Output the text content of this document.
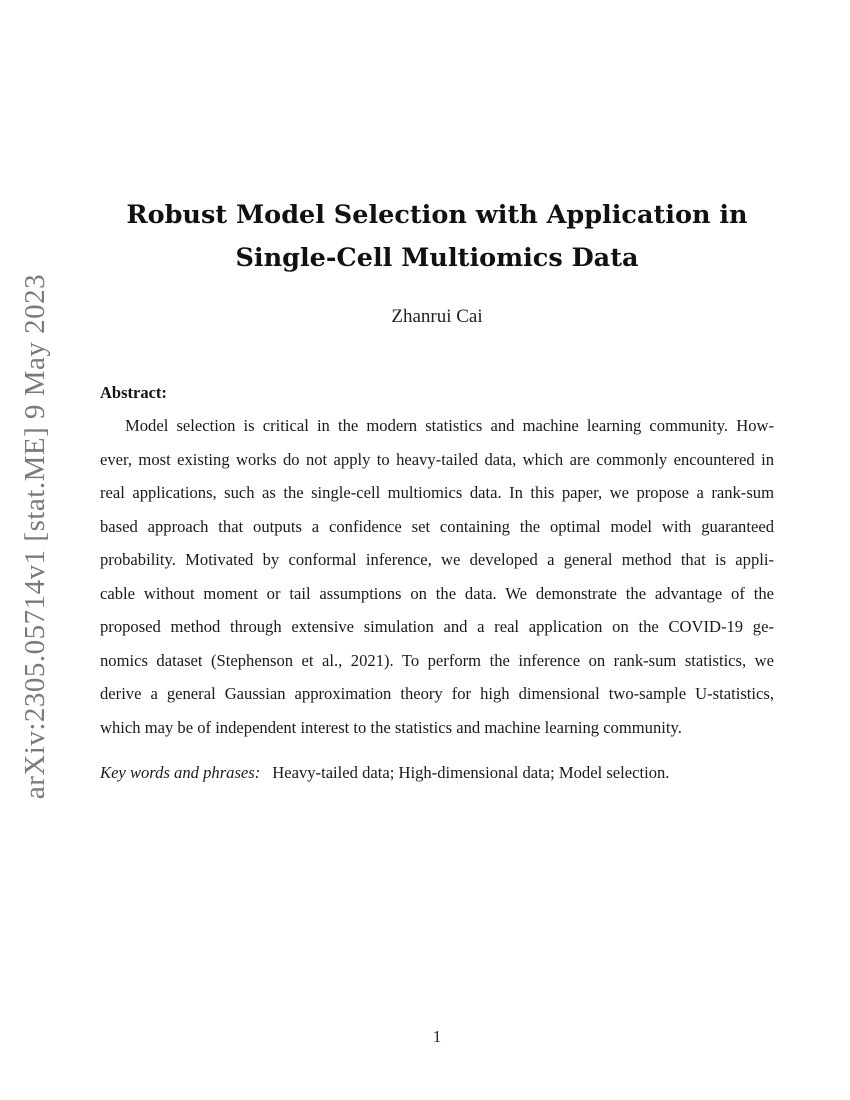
arXiv:2305.05714v1 [stat.ME] 9 May 2023
Robust Model Selection with Application in
Single-Cell Multiomics Data
Zhanrui Cai
Abstract:
Model selection is critical in the modern statistics and machine learning community. How-
ever, most existing works do not apply to heavy-tailed data, which are commonly encountered in
real applications, such as the single-cell multiomics data. In this paper, we propose a rank-sum
based approach that outputs a confidence set containing the optimal model with guaranteed
probability. Motivated by conformal inference, we developed a general method that is appli-
cable without moment or tail assumptions on the data. We demonstrate the advantage of the
proposed method through extensive simulation and a real application on the COVID-19 ge-
nomics dataset (Stephenson et al., 2021). To perform the inference on rank-sum statistics, we
derive a general Gaussian approximation theory for high dimensional two-sample U-statistics,
which may be of independent interest to the statistics and machine learning community.
Key words and phrases: Heavy-tailed data; High-dimensional data; Model selection.
1
